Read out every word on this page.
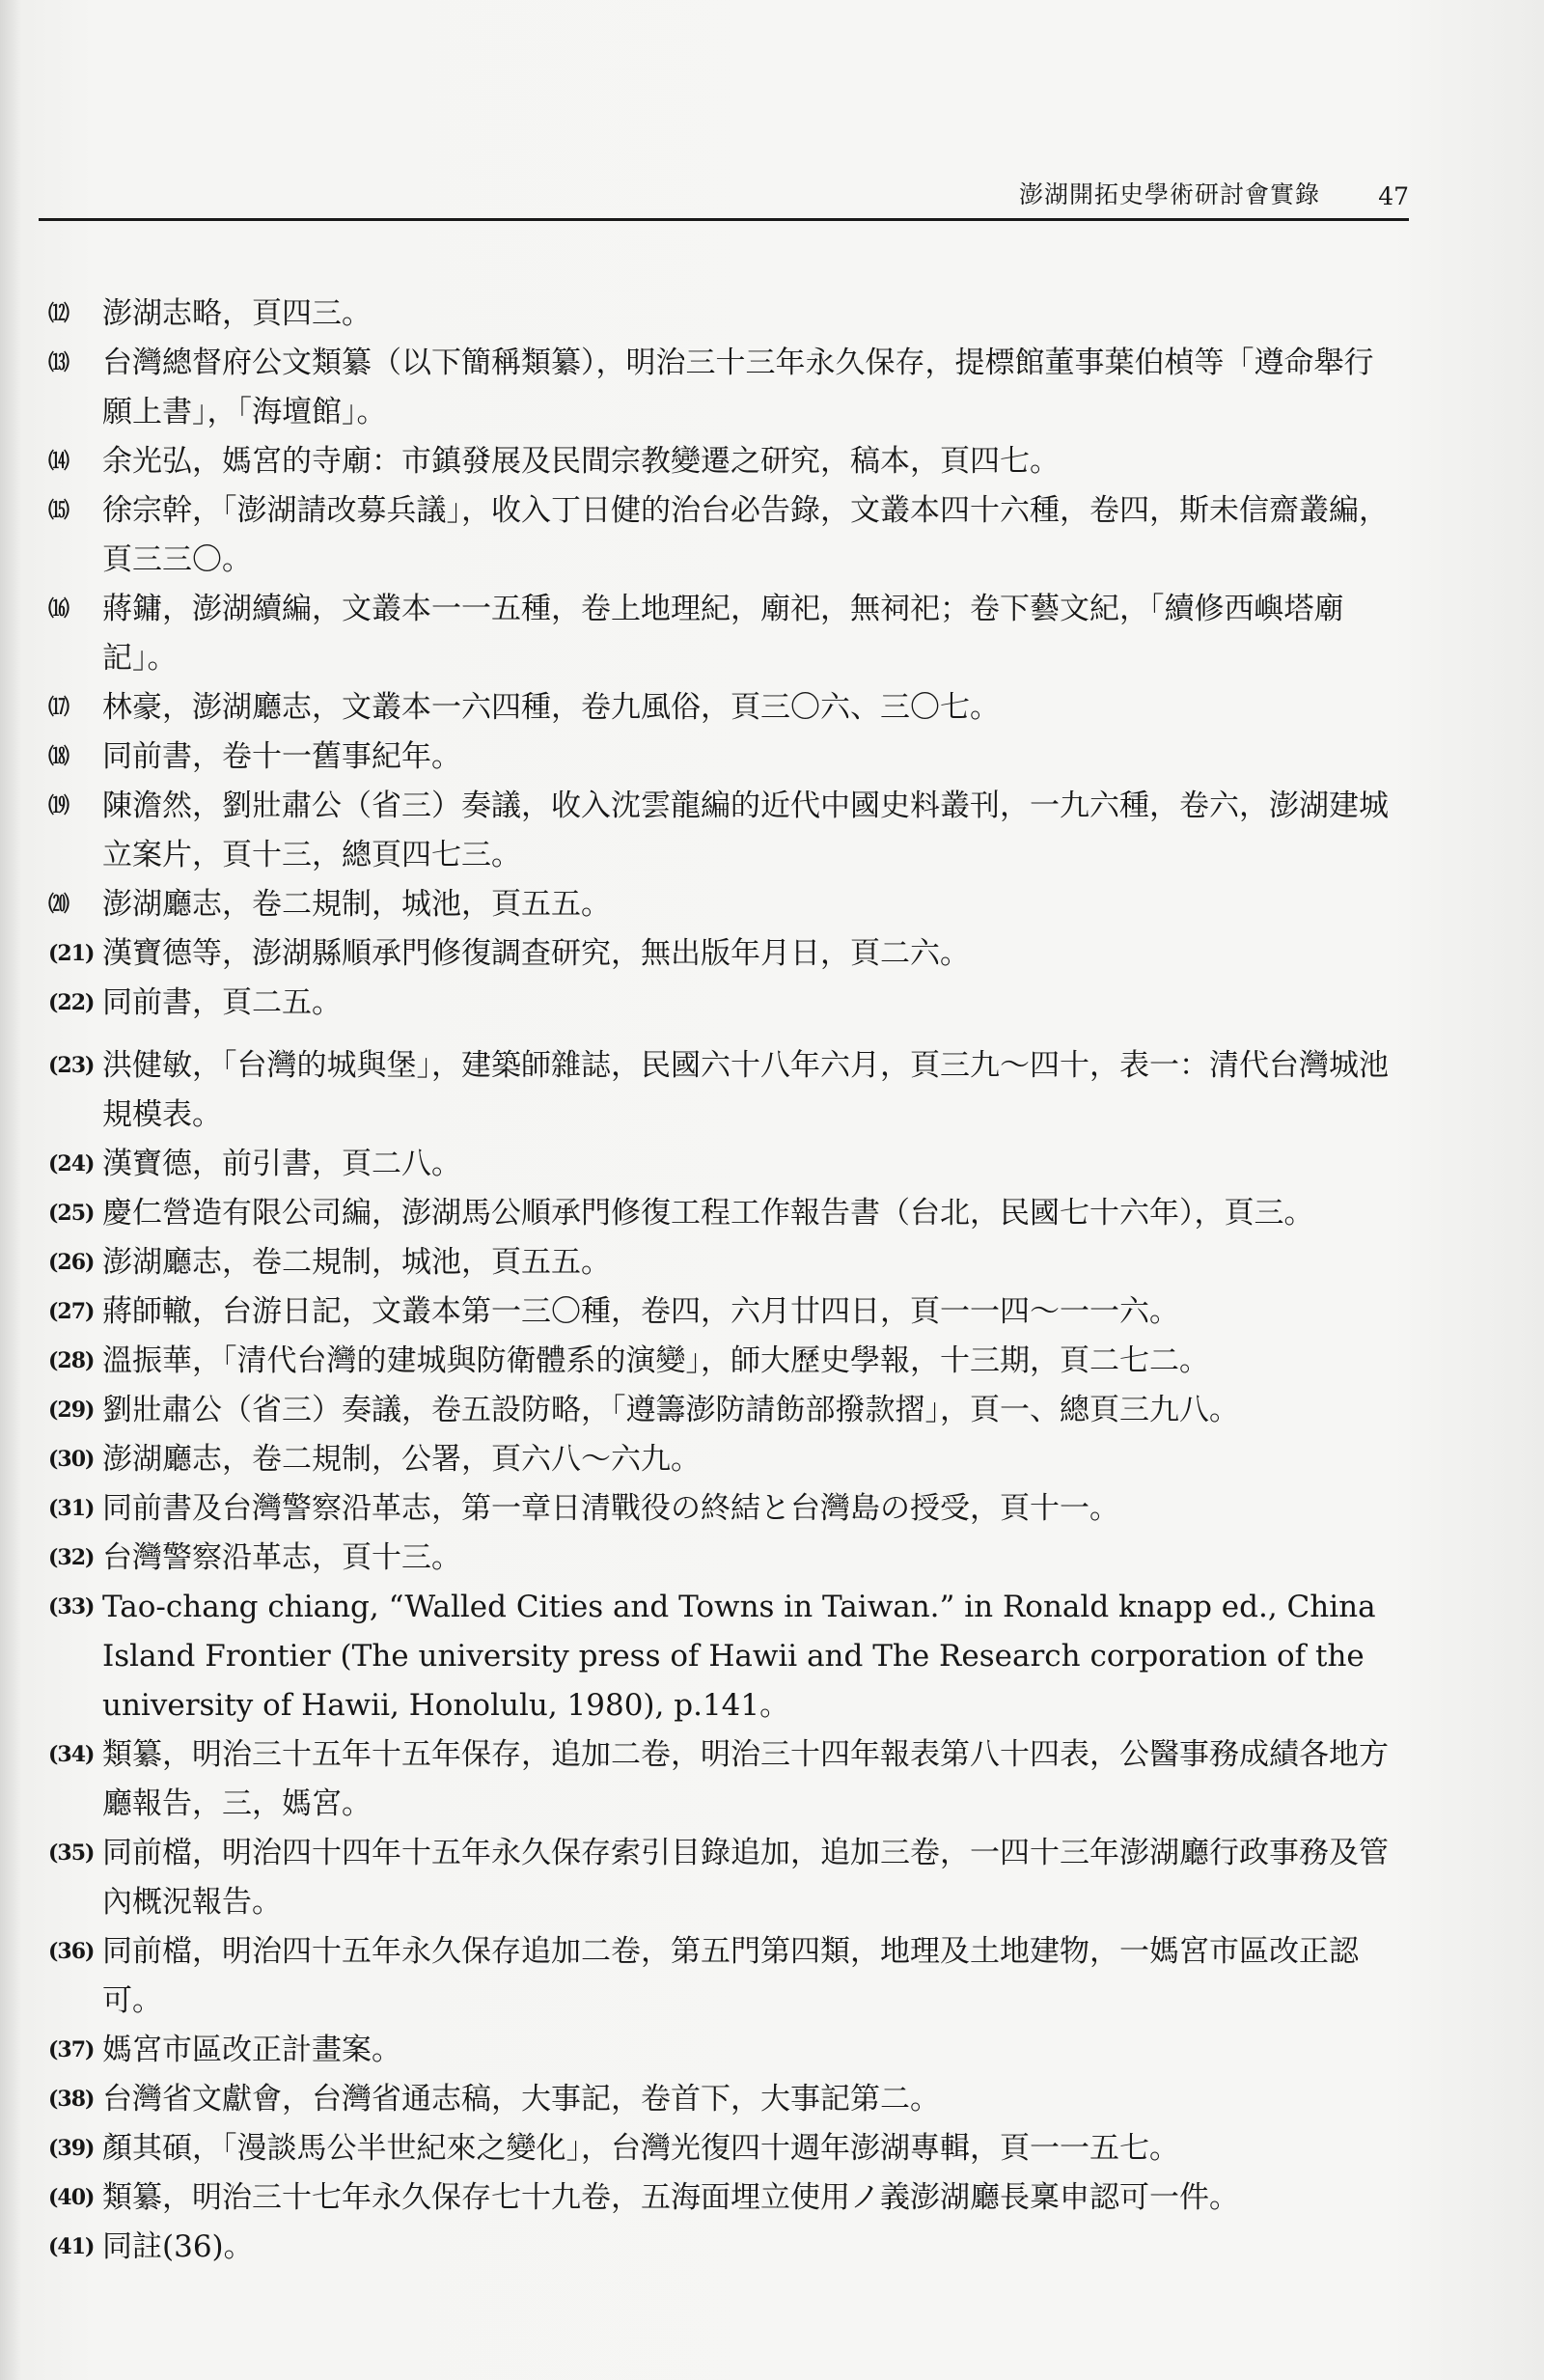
澎湖開拓史學術研討會實錄 47
⑿ 澎湖志略，頁四三。
⒀ 台灣總督府公文類纂（以下簡稱類纂），明治三十三年永久保存，提標館董事葉伯楨等「遵命舉行願上書」，「海壇館」。
⒁ 余光弘，媽宮的寺廟：市鎮發展及民間宗教變遷之研究，稿本，頁四七。
⒂ 徐宗幹，「澎湖請改募兵議」，收入丁日健的治台必告錄，文叢本四十六種，卷四，斯未信齋叢編，頁三三〇。
⒃ 蔣鏞，澎湖續編，文叢本一一五種，卷上地理紀，廟祀，無祠祀；卷下藝文紀，「續修西嶼塔廟記」。
⒄ 林豪，澎湖廳志，文叢本一六四種，卷九風俗，頁三〇六、三〇七。
⒅ 同前書，卷十一舊事紀年。
⒆ 陳澹然，劉壯肅公（省三）奏議，收入沈雲龍編的近代中國史料叢刊，一九六種，卷六，澎湖建城立案片，頁十三，總頁四七三。
⒇ 澎湖廳志，卷二規制，城池，頁五五。
(21) 漢寶德等，澎湖縣順承門修復調查研究，無出版年月日，頁二六。
(22) 同前書，頁二五。
(23) 洪健敏，「台灣的城與堡」，建築師雜誌，民國六十八年六月，頁三九～四十，表一：清代台灣城池規模表。
(24) 漢寶德，前引書，頁二八。
(25) 慶仁營造有限公司編，澎湖馬公順承門修復工程工作報告書（台北，民國七十六年），頁三。
(26) 澎湖廳志，卷二規制，城池，頁五五。
(27) 蔣師轍，台游日記，文叢本第一三〇種，卷四，六月廿四日，頁一一四～一一六。
(28) 溫振華，「清代台灣的建城與防衛體系的演變」，師大歷史學報，十三期，頁二七二。
(29) 劉壯肅公（省三）奏議，卷五設防略，「遵籌澎防請飭部撥款摺」，頁一、總頁三九八。
(30) 澎湖廳志，卷二規制，公署，頁六八～六九。
(31) 同前書及台灣警察沿革志，第一章日清戰役の終結と台灣島の授受，頁十一。
(32) 台灣警察沿革志，頁十三。
(33) Tao-chang chiang, “Walled Cities and Towns in Taiwan.” in Ronald knapp ed., China Island Frontier (The university press of Hawii and The Research corporation of the university of Hawii, Honolulu, 1980), p.141。
(34) 類纂，明治三十五年十五年保存，追加二卷，明治三十四年報表第八十四表，公醫事務成績各地方廳報告，三，媽宮。
(35) 同前檔，明治四十四年十五年永久保存索引目錄追加，追加三卷，一四十三年澎湖廳行政事務及管內概況報告。
(36) 同前檔，明治四十五年永久保存追加二卷，第五門第四類，地理及土地建物，一媽宮市區改正認可。
(37) 媽宮市區改正計畫案。
(38) 台灣省文獻會，台灣省通志稿，大事記，卷首下，大事記第二。
(39) 顏其碩，「漫談馬公半世紀來之變化」，台灣光復四十週年澎湖專輯，頁一一五七。
(40) 類纂，明治三十七年永久保存七十九卷，五海面埋立使用ノ義澎湖廳長稟申認可一件。
(41) 同註(36)。
